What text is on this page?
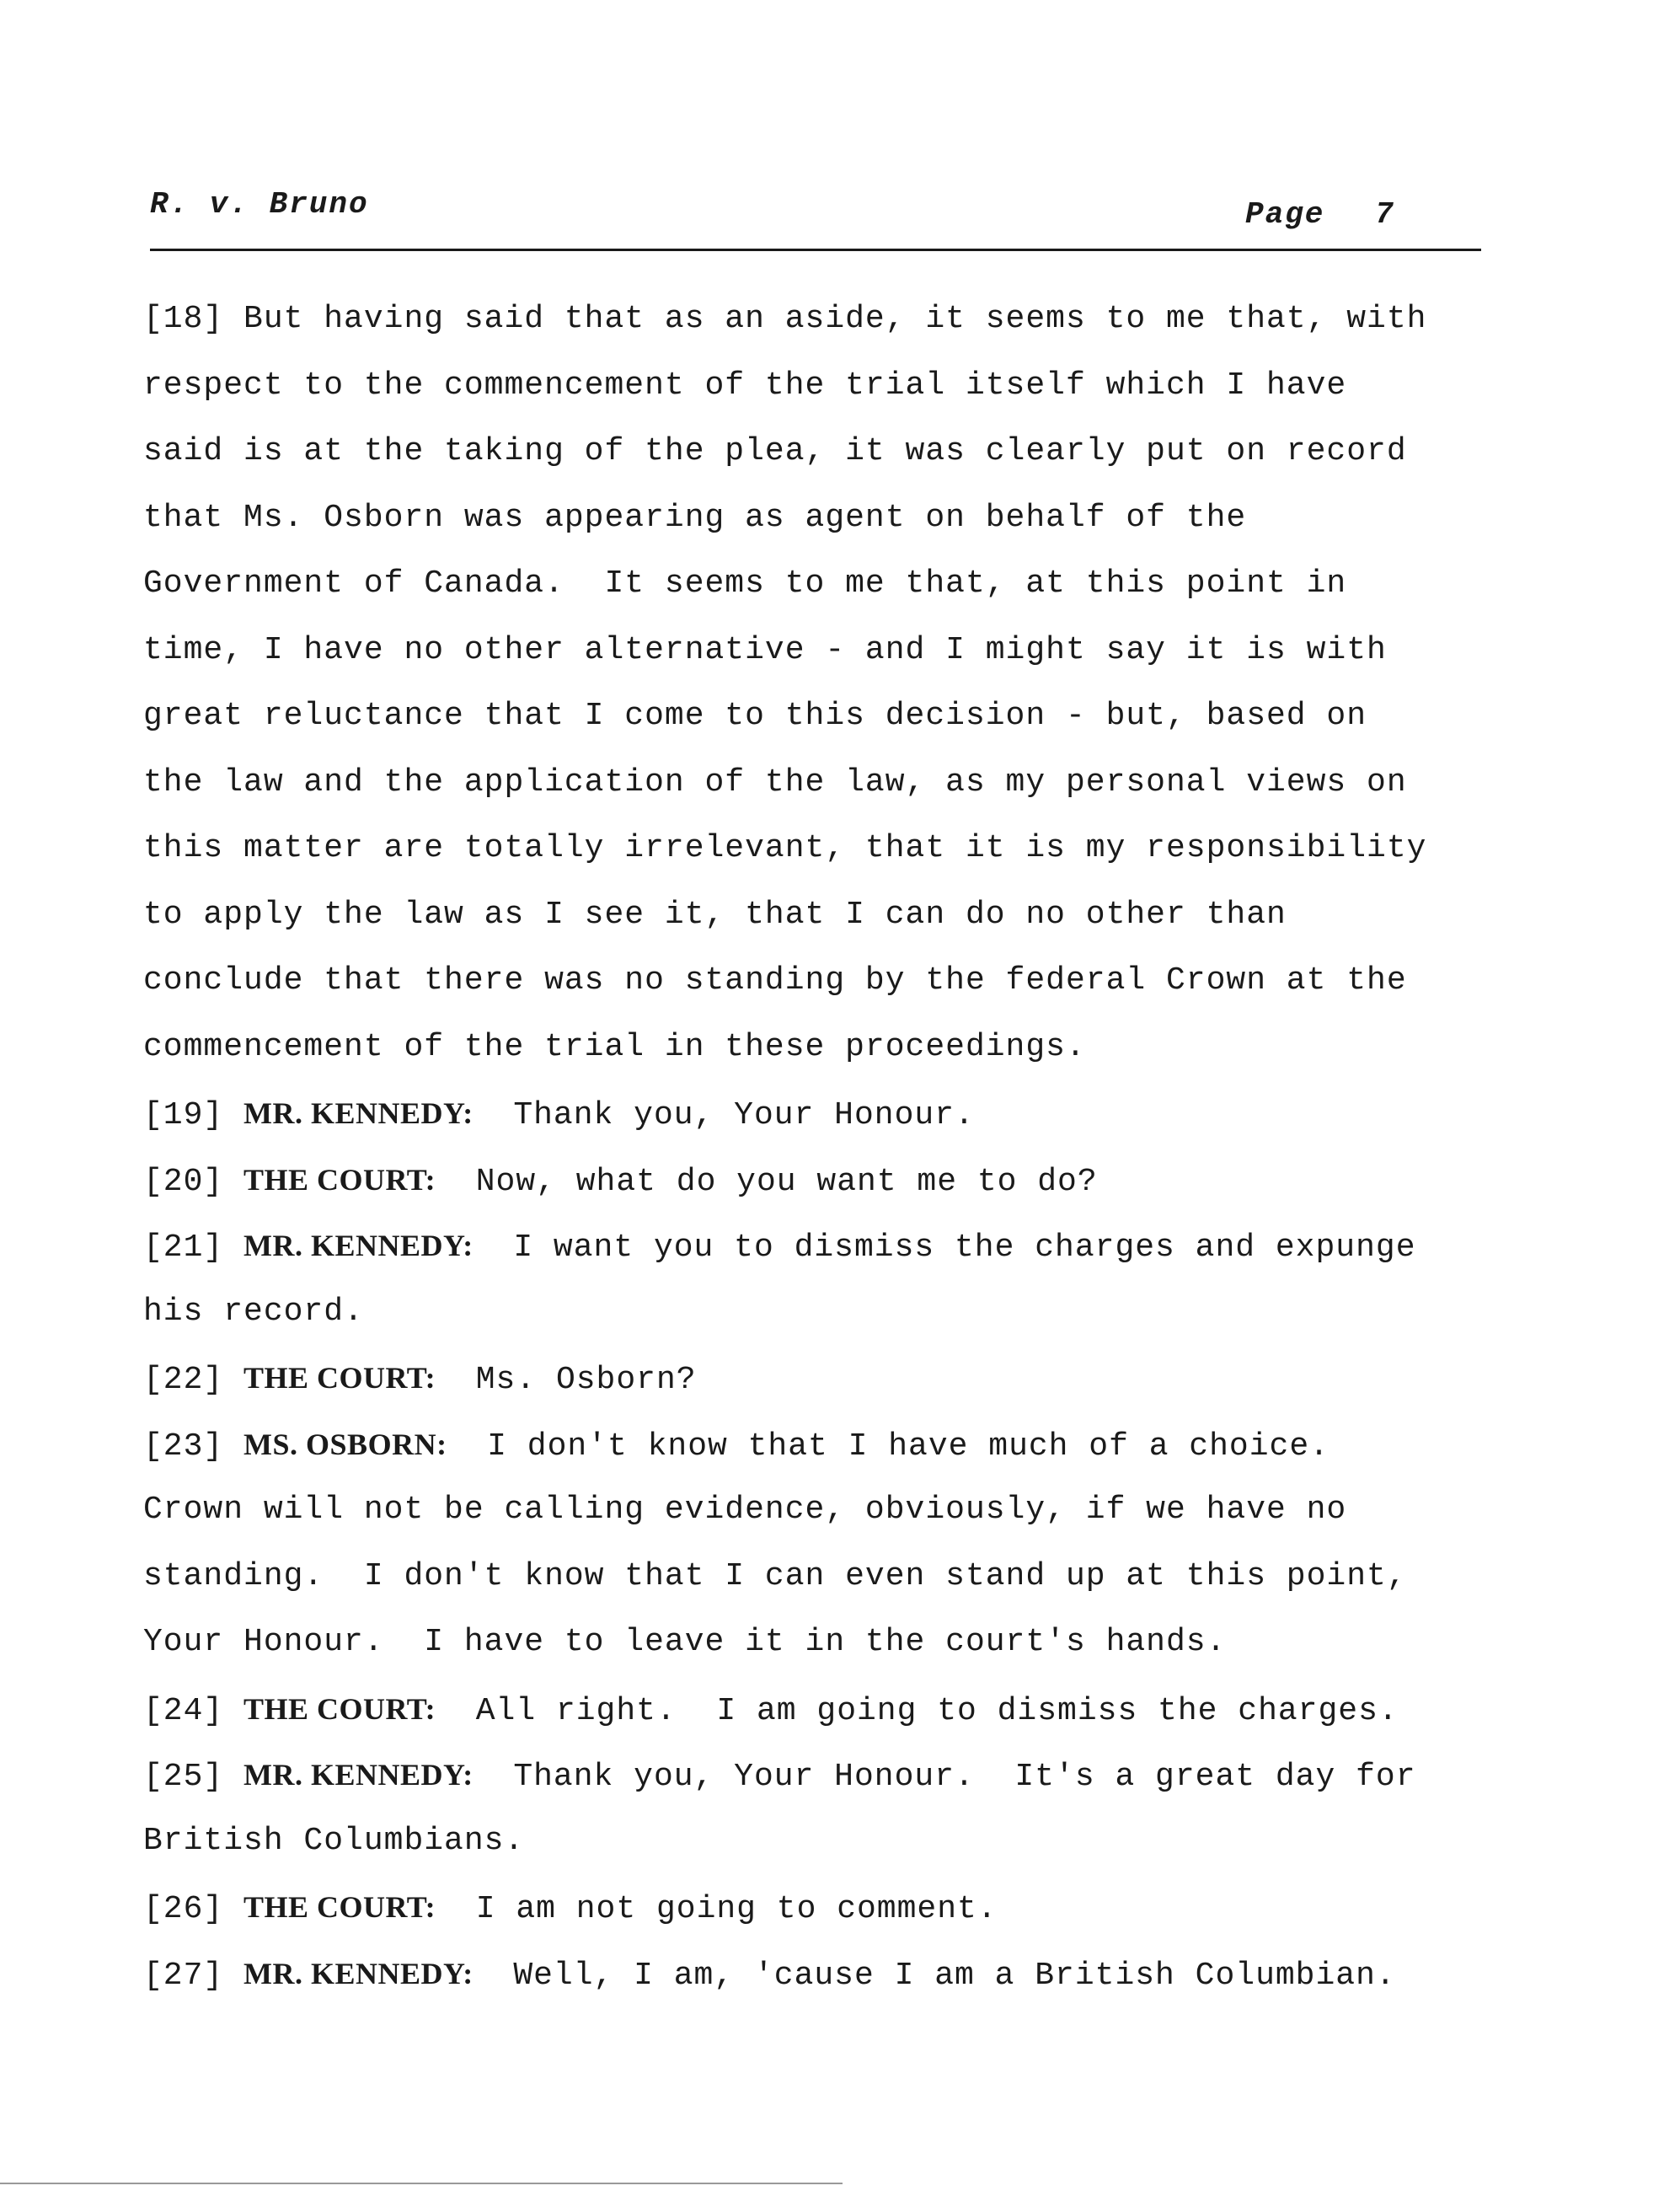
R. v. Bruno	Page 7
[18] But having said that as an aside, it seems to me that, with
respect to the commencement of the trial itself which I have
said is at the taking of the plea, it was clearly put on record
that Ms. Osborn was appearing as agent on behalf of the
Government of Canada.  It seems to me that, at this point in
time, I have no other alternative - and I might say it is with
great reluctance that I come to this decision - but, based on
the law and the application of the law, as my personal views on
this matter are totally irrelevant, that it is my responsibility
to apply the law as I see it, that I can do no other than
conclude that there was no standing by the federal Crown at the
commencement of the trial in these proceedings.
[19] MR. KENNEDY:  Thank you, Your Honour.
[20] THE COURT:  Now, what do you want me to do?
[21] MR. KENNEDY:  I want you to dismiss the charges and expunge
his record.
[22] THE COURT:  Ms. Osborn?
[23] MS. OSBORN:  I don't know that I have much of a choice.
Crown will not be calling evidence, obviously, if we have no
standing.  I don't know that I can even stand up at this point,
Your Honour.  I have to leave it in the court's hands.
[24] THE COURT:  All right.  I am going to dismiss the charges.
[25] MR. KENNEDY:  Thank you, Your Honour.  It's a great day for
British Columbians.
[26] THE COURT:  I am not going to comment.
[27] MR. KENNEDY:  Well, I am, 'cause I am a British Columbian.
